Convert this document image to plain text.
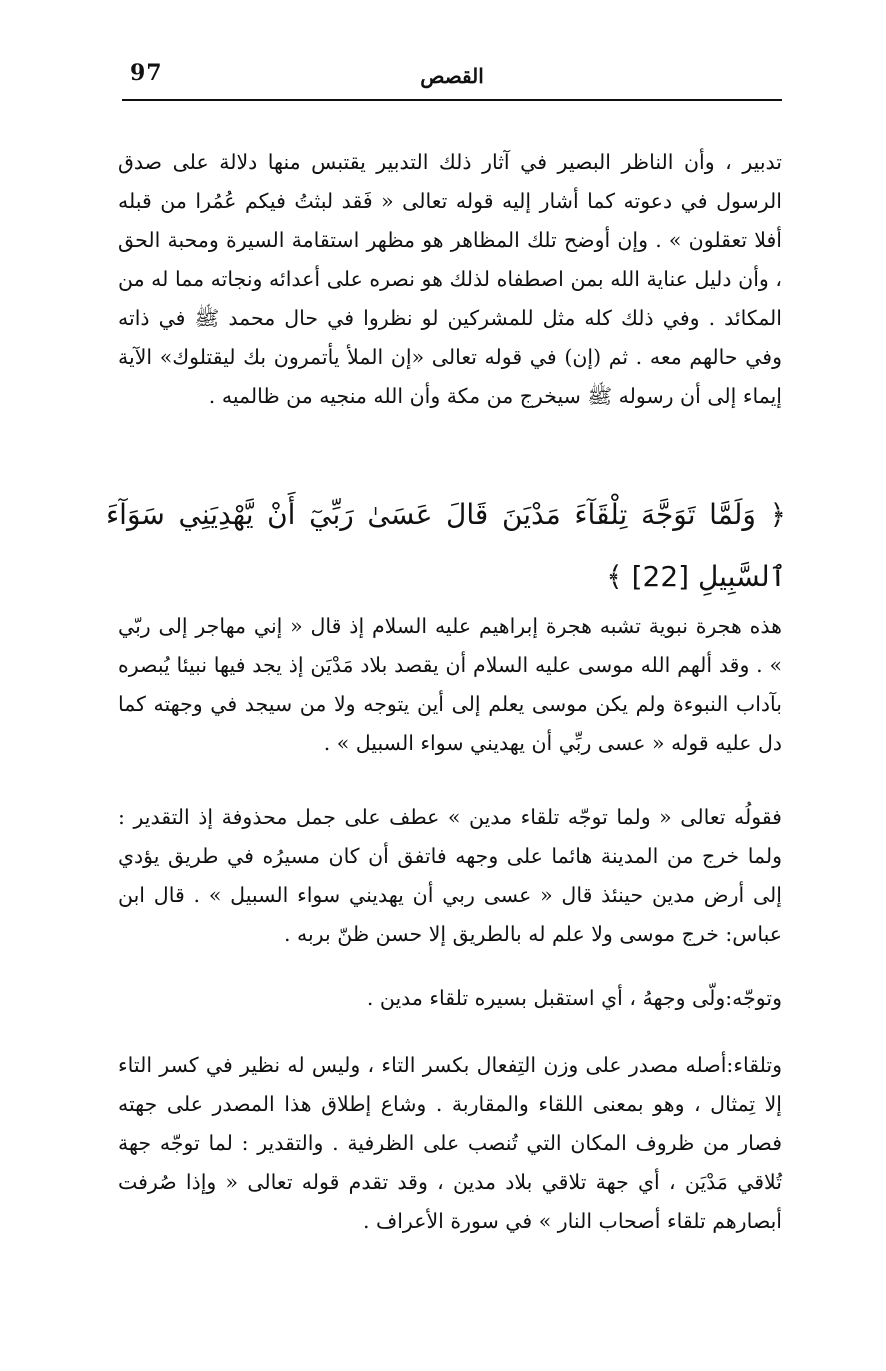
97	القصص

تدبير ، وأن الناظر البصير في آثار ذلك التدبير يقتبس منها دلالة على صدق الرسول في دعوته كما أشار إليه قوله تعالى « فَقد لبثتُ فيكم عُمُرا من قبله أفلا تعقلون » . وإن أوضح تلك المظاهر هو مظهر استقامة السيرة ومحبة الحق ، وأن دليل عناية الله بمن اصطفاه لذلك هو نصره على أعدائه ونجاته مما له من المكائد . وفي ذلك كله مثل للمشركين لو نظروا في حال محمد ﷺ في ذاته وفي حالهم معه . ثم (إن) في قوله تعالى «إن الملأ يأتمرون بك ليقتلوك» الآية إيماء إلى أن رسوله ﷺ سيخرج من مكة وأن الله منجيه من ظالميه .

﴿ وَلَمَّا تَوَجَّهَ تِلْقَآءَ مَدْيَنَ قَالَ عَسَىٰ رَبِّيٓ أَنْ يَّهْدِيَنِي سَوَآءَ ٱلسَّبِيلِ [22] ﴾

هذه هجرة نبوية تشبه هجرة إبراهيم عليه السلام إذ قال « إني مهاجر إلى ربّي » . وقد ألهم الله موسى عليه السلام أن يقصد بلاد مَدْيَن إذ يجد فيها نبيئا يُبصره بآداب النبوءة ولم يكن موسى يعلم إلى أين يتوجه ولا من سيجد في وجهته كما دل عليه قوله « عسى ربِّي أن يهديني سواء السبيل » .

فقولُه تعالى « ولما توجّه تلقاء مدين » عطف على جمل محذوفة إذ التقدير : ولما خرج من المدينة هائما على وجهه فاتفق أن كان مسيرُه في طريق يؤدي إلى أرض مدين حينئذ قال « عسى ربي أن يهديني سواء السبيل » . قال ابن عباس: خرج موسى ولا علم له بالطريق إلا حسن ظنّ بربه .

وتوجّه:ولّى وجههُ ، أي استقبل بسيره تلقاء مدين .

وتلقاء:أصله مصدر على وزن التِفعال بكسر التاء ، وليس له نظير في كسر التاء إلا تِمثال ، وهو بمعنى اللقاء والمقاربة . وشاع إطلاق هذا المصدر على جهته فصار من ظروف المكان التي تُنصب على الظرفية . والتقدير : لما توجّه جهة تُلاقي مَدْيَن ، أي جهة تلاقي بلاد مدين ، وقد تقدم قوله تعالى « وإذا صُرفت أبصارهم تلقاء أصحاب النار » في سورة الأعراف .
